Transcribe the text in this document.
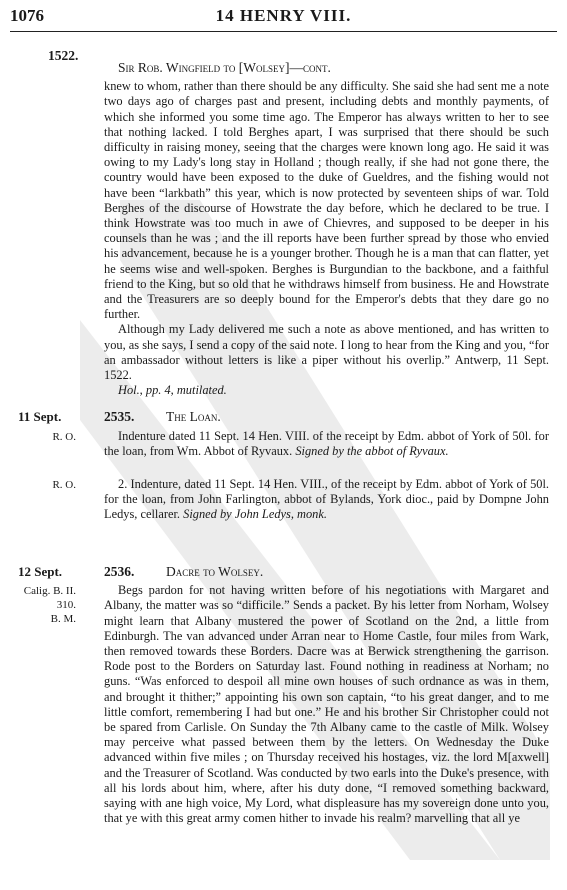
1076	14 HENRY VIII.
1522.

Sir Rob. Wingfield to [Wolsey]—cont.

knew to whom, rather than there should be any difficulty. She said she had sent me a note two days ago of charges past and present, including debts and monthly payments, of which she informed you some time ago. The Emperor has always written to her to see that nothing lacked. I told Berghes apart, I was surprised that there should be such difficulty in raising money, seeing that the charges were known long ago. He said it was owing to my Lady's long stay in Holland ; though really, if she had not gone there, the country would have been exposed to the duke of Gueldres, and the fishing would not have been “larkbath” this year, which is now protected by seventeen ships of war. Told Berghes of the discourse of Howstrate the day before, which he declared to be true. I think Howstrate was too much in awe of Chievres, and supposed to be deeper in his counsels than he was ; and the ill reports have been further spread by those who envied his advancement, because he is a younger brother. Though he is a man that can flatter, yet he seems wise and well-spoken. Berghes is Burgundian to the backbone, and a faithful friend to the King, but so old that he withdraws himself from business. He and Howstrate and the Treasurers are so deeply bound for the Emperor's debts that they dare go no further.

Although my Lady delivered me such a note as above mentioned, and has written to you, as she says, I send a copy of the said note. I long to hear from the King and you, “for an ambassador without letters is like a piper without his overlip.” Antwerp, 11 Sept. 1522.

Hol., pp. 4, mutilated.

11 Sept.	2535. The Loan.

R. O.	Indenture dated 11 Sept. 14 Hen. VIII. of the receipt by Edm. abbot of York of 50l. for the loan, from Wm. Abbot of Ryvaux. Signed by the abbot of Ryvaux.

R. O.	2. Indenture, dated 11 Sept. 14 Hen. VIII., of the receipt by Edm. abbot of York of 50l. for the loan, from John Farlington, abbot of Bylands, York dioc., paid by Dompne John Ledys, cellarer. Signed by John Ledys, monk.

12 Sept.
Calig. B. II.
310.
B. M.

2536. Dacre to Wolsey.

Begs pardon for not having written before of his negotiations with Margaret and Albany, the matter was so “difficile.” Sends a packet. By his letter from Norham, Wolsey might learn that Albany mustered the power of Scotland on the 2nd, a little from Edinburgh. The van advanced under Arran near to Home Castle, four miles from Wark, then removed towards these Borders. Dacre was at Berwick strengthening the garrison. Rode post to the Borders on Saturday last. Found nothing in readiness at Norham; no guns. “Was enforced to despoil all mine own houses of such ordnance as was in them, and brought it thither;” appointing his own son captain, “to his great danger, and to me little comfort, remembering I had but one.” He and his brother Sir Christopher could not be spared from Carlisle. On Sunday the 7th Albany came to the castle of Milk. Wolsey may perceive what passed between them by the letters. On Wednesday the Duke advanced within five miles ; on Thursday received his hostages, viz. the lord M[axwell] and the Treasurer of Scotland. Was conducted by two earls into the Duke's presence, with all his lords about him, where, after his duty done, “I removed something backward, saying with ane high voice, My Lord, what displeasure has my sovereign done unto you, that ye with this great army comen hither to invade his realm? marvelling that all ye
